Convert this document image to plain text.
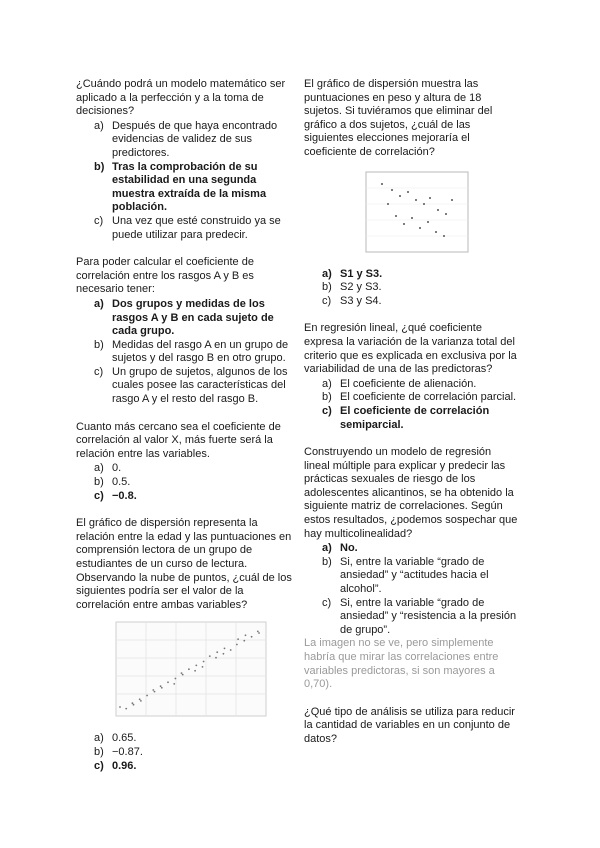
¿Cuándo podrá un modelo matemático ser aplicado a la perfección y a la toma de decisiones?

a) Después de que haya encontrado evidencias de validez de sus predictores.
b) Tras la comprobación de su estabilidad en una segunda muestra extraída de la misma población.
c) Una vez que esté construido ya se puede utilizar para predecir.

Para poder calcular el coeficiente de correlación entre los rasgos A y B es necesario tener:

a) Dos grupos y medidas de los rasgos A y B en cada sujeto de cada grupo.
b) Medidas del rasgo A en un grupo de sujetos y del rasgo B en otro grupo.
c) Un grupo de sujetos, algunos de los cuales posee las características del rasgo A y el resto del rasgo B.

Cuanto más cercano sea el coeficiente de correlación al valor X, más fuerte será la relación entre las variables.

a) 0.
b) 0.5.
c) −0.8.

El gráfico de dispersión representa la relación entre la edad y las puntuaciones en comprensión lectora de un grupo de estudiantes de un curso de lectura. Observando la nube de puntos, ¿cuál de los siguientes podría ser el valor de la correlación entre ambas variables?

a) 0.65.
b) −0.87.
c) 0.96.

El gráfico de dispersión muestra las puntuaciones en peso y altura de 18 sujetos. Si tuviéramos que eliminar del gráfico a dos sujetos, ¿cuál de las siguientes elecciones mejoraría el coeficiente de correlación?

a) S1 y S3.
b) S2 y S3.
c) S3 y S4.

En regresión lineal, ¿qué coeficiente expresa la variación de la varianza total del criterio que es explicada en exclusiva por la variabilidad de una de las predictoras?

a) El coeficiente de alienación.
b) El coeficiente de correlación parcial.
c) El coeficiente de correlación semiparcial.

Construyendo un modelo de regresión lineal múltiple para explicar y predecir las prácticas sexuales de riesgo de los adolescentes alicantinos, se ha obtenido la siguiente matriz de correlaciones. Según estos resultados, ¿podemos sospechar que hay multicolinealidad?

a) No.
b) Si, entre la variable “grado de ansiedad” y “actitudes hacia el alcohol”.
c) Si, entre la variable “grado de ansiedad” y “resistencia a la presión de grupo”.

La imagen no se ve, pero simplemente habría que mirar las correlaciones entre variables predictoras, si son mayores a 0,70).

¿Qué tipo de análisis se utiliza para reducir la cantidad de variables en un conjunto de datos?
